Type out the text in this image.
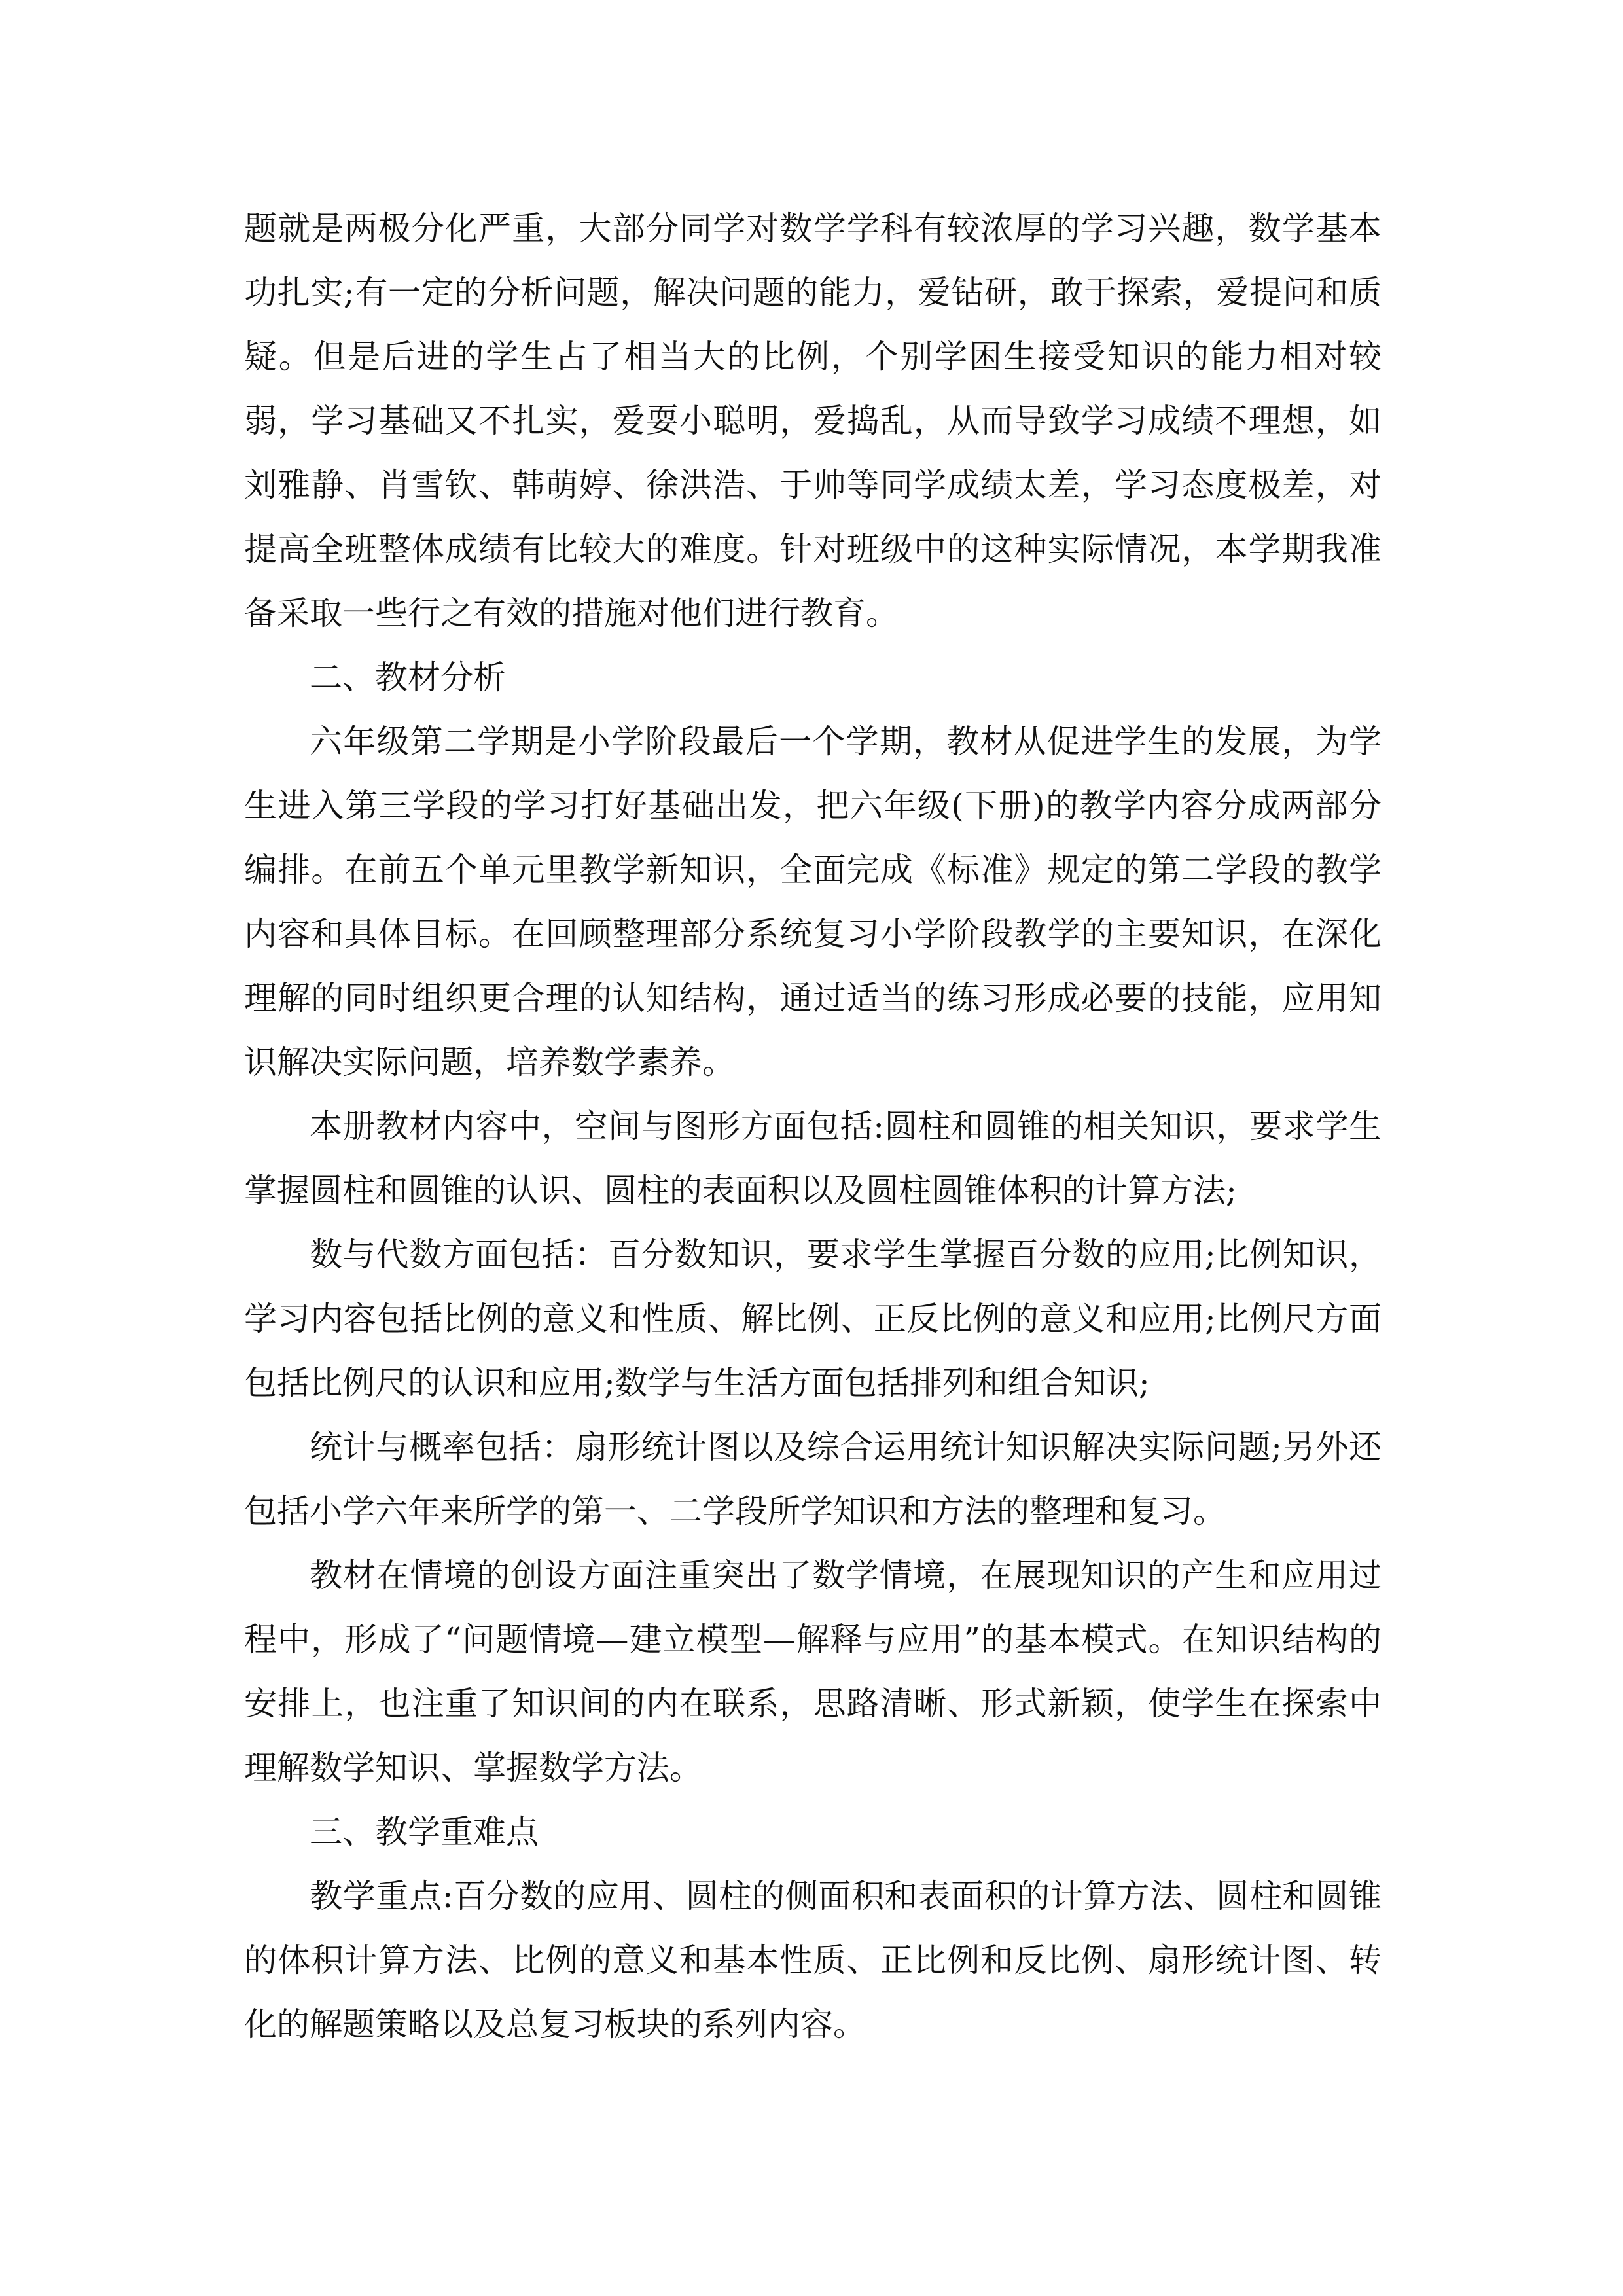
题就是两极分化严重，大部分同学对数学学科有较浓厚的学习兴趣，数学基本功扎实;有一定的分析问题，解决问题的能力，爱钻研，敢于探索，爱提问和质疑。但是后进的学生占了相当大的比例，个别学困生接受知识的能力相对较弱，学习基础又不扎实，爱耍小聪明，爱捣乱，从而导致学习成绩不理想，如刘雅静、肖雪钦、韩萌婷、徐洪浩、于帅等同学成绩太差，学习态度极差，对提高全班整体成绩有比较大的难度。针对班级中的这种实际情况，本学期我准备采取一些行之有效的措施对他们进行教育。

二、教材分析

六年级第二学期是小学阶段最后一个学期，教材从促进学生的发展，为学生进入第三学段的学习打好基础出发，把六年级(下册)的教学内容分成两部分编排。在前五个单元里教学新知识，全面完成《标准》规定的第二学段的教学内容和具体目标。在回顾整理部分系统复习小学阶段教学的主要知识，在深化理解的同时组织更合理的认知结构，通过适当的练习形成必要的技能，应用知识解决实际问题，培养数学素养。

本册教材内容中，空间与图形方面包括:圆柱和圆锥的相关知识，要求学生掌握圆柱和圆锥的认识、圆柱的表面积以及圆柱圆锥体积的计算方法;

数与代数方面包括：百分数知识，要求学生掌握百分数的应用;比例知识，学习内容包括比例的意义和性质、解比例、正反比例的意义和应用;比例尺方面包括比例尺的认识和应用;数学与生活方面包括排列和组合知识;

统计与概率包括：扇形统计图以及综合运用统计知识解决实际问题;另外还包括小学六年来所学的第一、二学段所学知识和方法的整理和复习。

教材在情境的创设方面注重突出了数学情境，在展现知识的产生和应用过程中，形成了“问题情境—建立模型—解释与应用”的基本模式。在知识结构的安排上，也注重了知识间的内在联系，思路清晰、形式新颖，使学生在探索中理解数学知识、掌握数学方法。

三、教学重难点

教学重点:百分数的应用、圆柱的侧面积和表面积的计算方法、圆柱和圆锥的体积计算方法、比例的意义和基本性质、正比例和反比例、扇形统计图、转化的解题策略以及总复习板块的系列内容。
